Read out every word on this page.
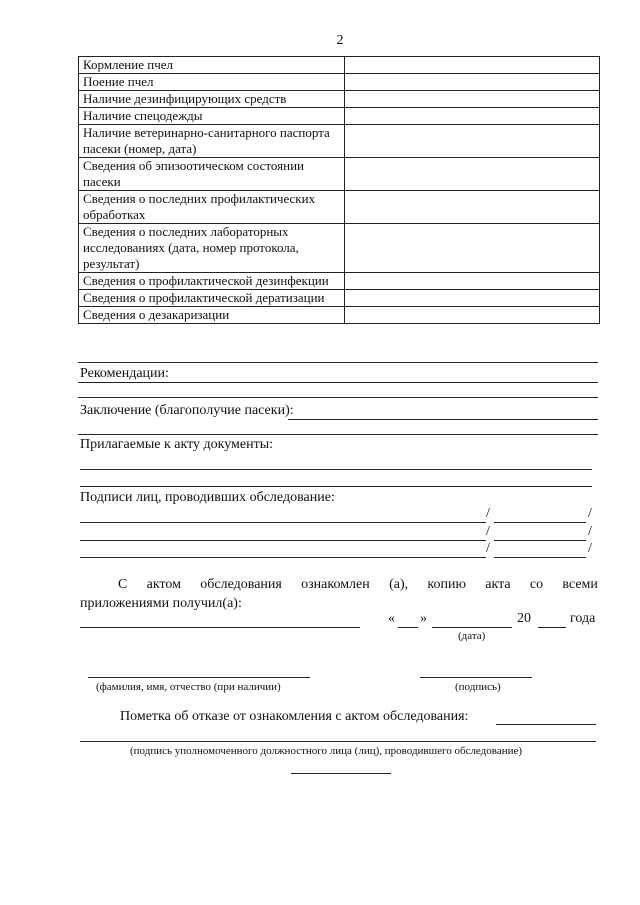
2
Кормление пчел	
Поение пчел	
Наличие дезинфицирующих средств	
Наличие спецодежды	
Наличие ветеринарно-санитарного паспорта пасеки (номер, дата)	
Сведения об эпизоотическом состоянии пасеки	
Сведения о последних профилактических обработках	
Сведения о последних лабораторных исследованиях (дата, номер протокола, результат)	
Сведения о профилактической дезинфекции	
Сведения о профилактической дератизации	
Сведения о дезакаризации	
Рекомендации:
Заключение (благополучие пасеки):
Прилагаемые к акту документы:
Подписи лиц, проводивших обследование:
/	/
/	/
/	/
С актом обследования ознакомлен (а), копию акта со всеми
приложениями получил(а):
« »	20	года
(дата)
(фамилия, имя, отчество (при наличии)	(подпись)
Пометка об отказе от ознакомления с актом обследования:
(подпись уполномоченного должностного лица (лиц), проводившего обследование)
